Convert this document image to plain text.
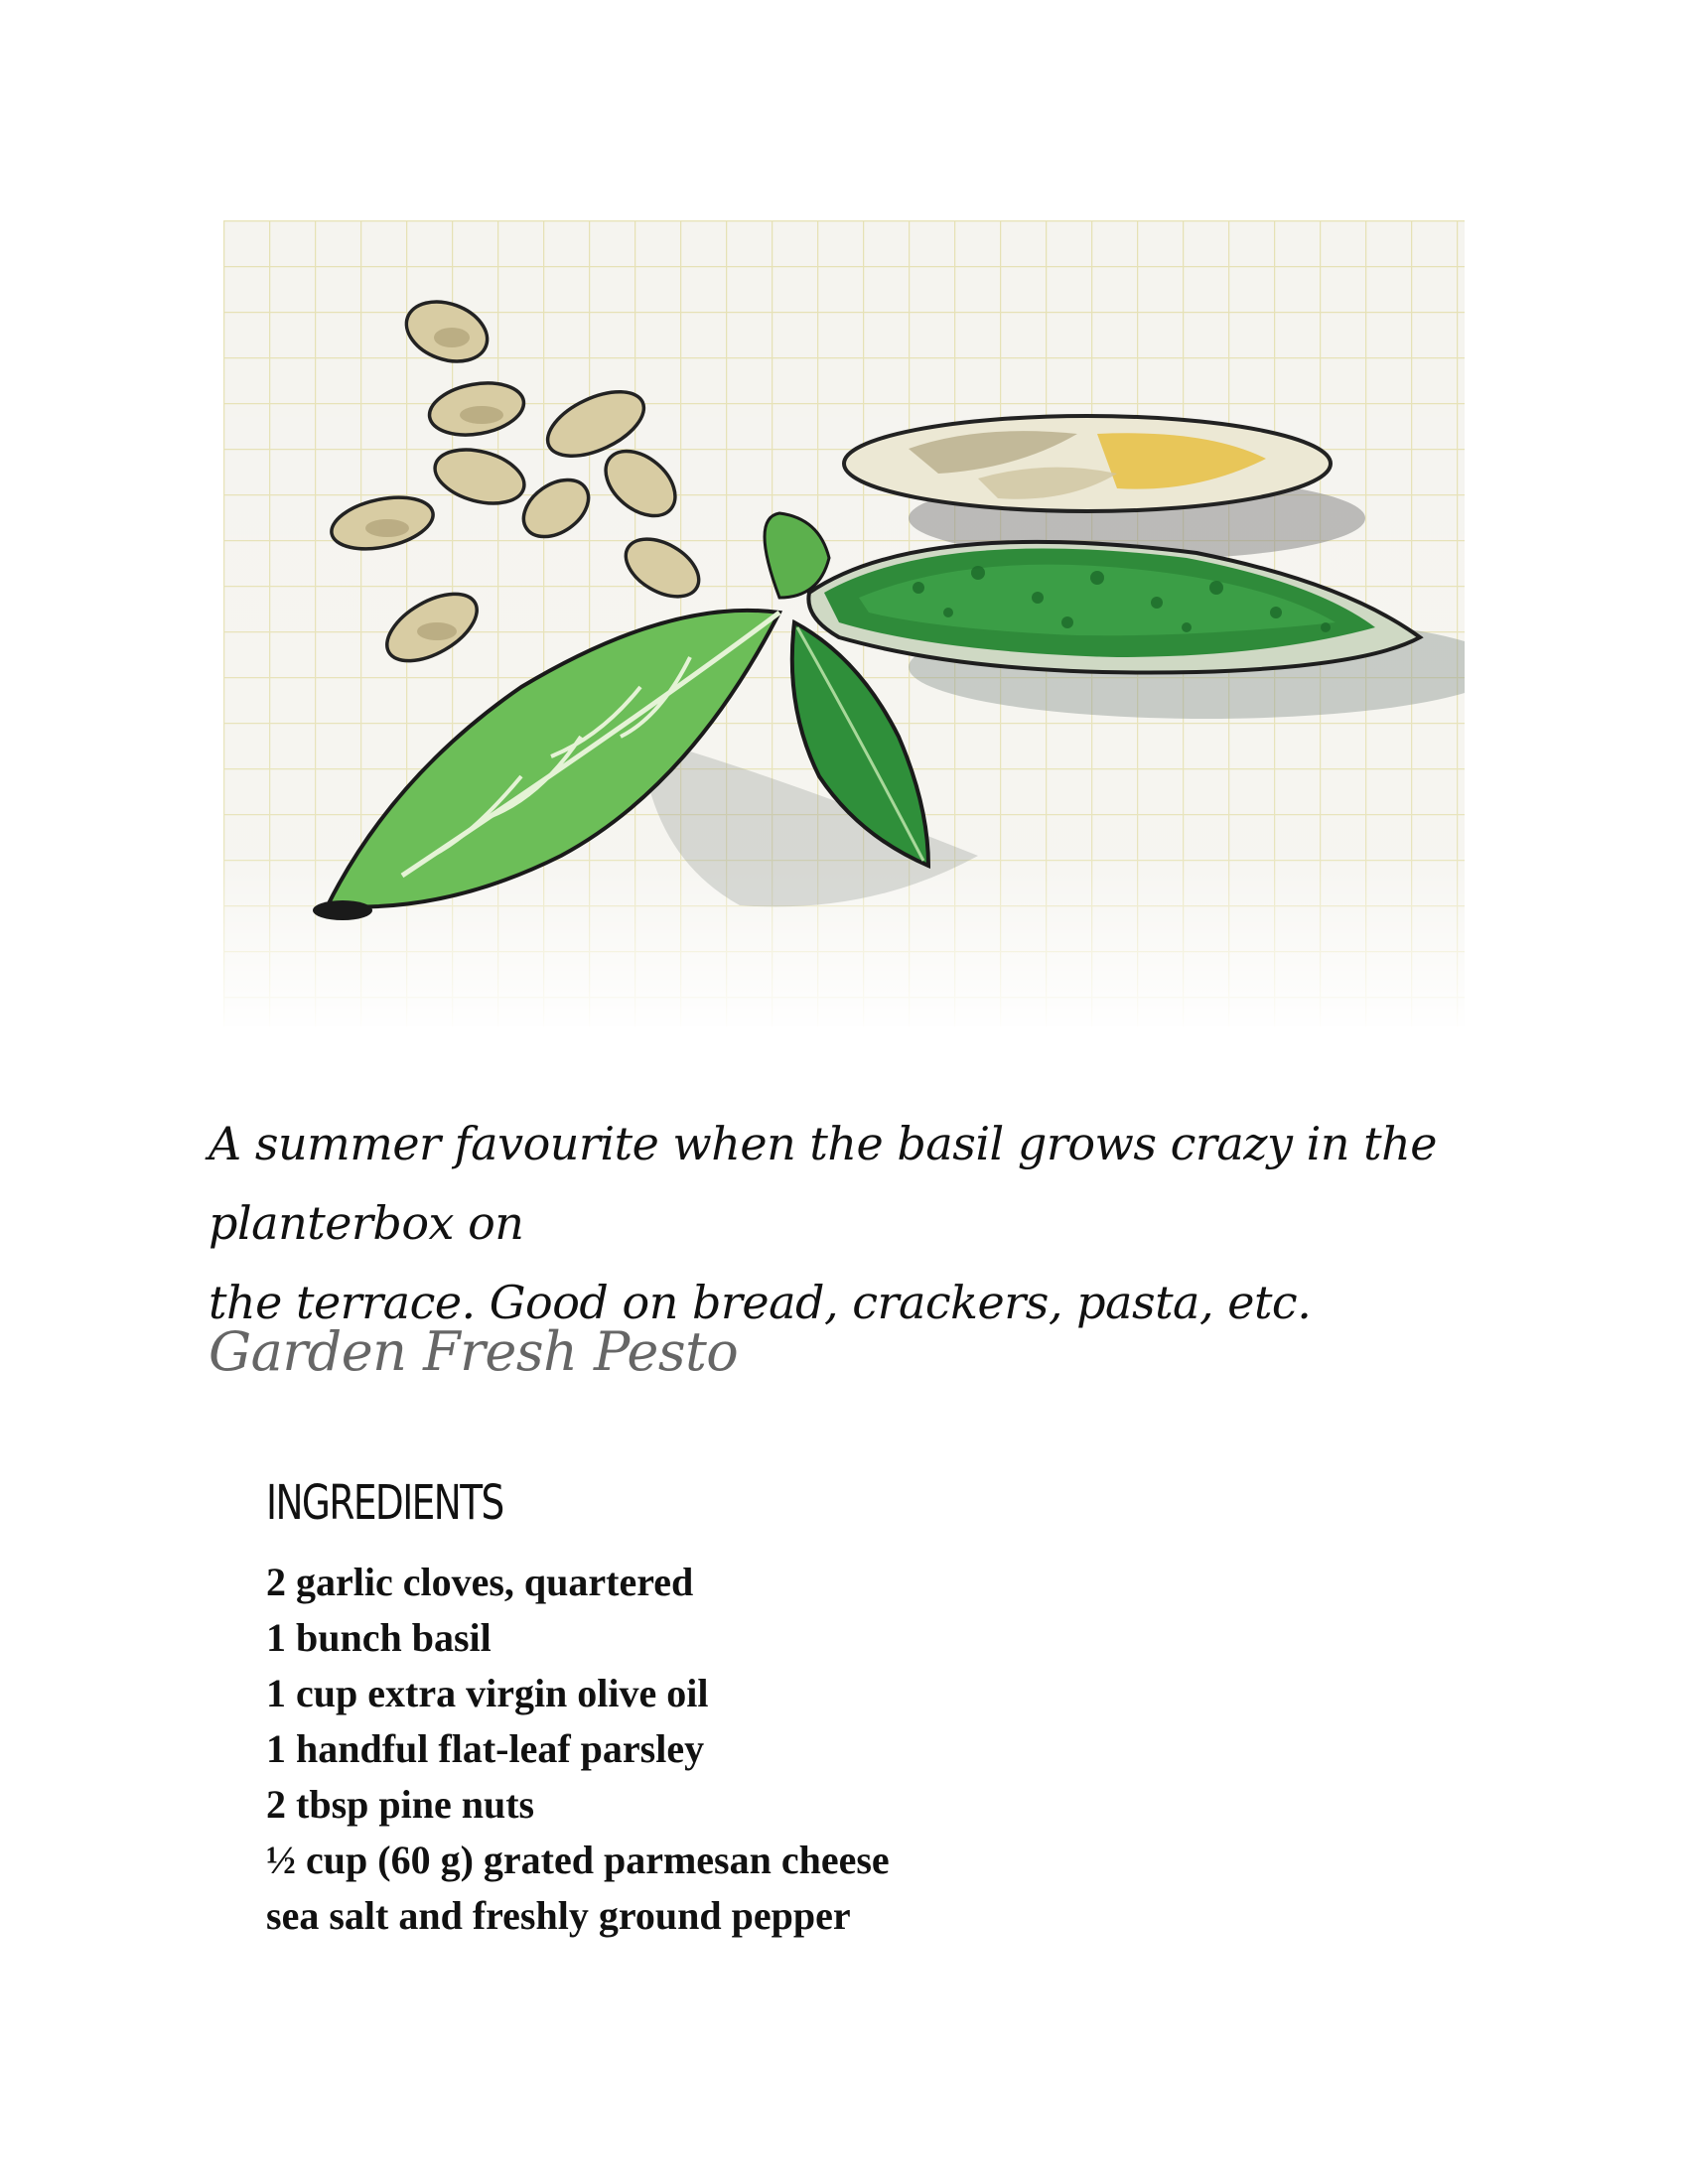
A summer favourite when the basil grows crazy in the planterbox on
the terrace. Good on bread, crackers, pasta, etc.

Garden Fresh Pesto
INGREDIENTS
2 garlic cloves, quartered
1 bunch basil
1 cup extra virgin olive oil
1 handful flat-leaf parsley
2 tbsp pine nuts
½ cup (60 g) grated parmesan cheese
sea salt and freshly ground pepper
